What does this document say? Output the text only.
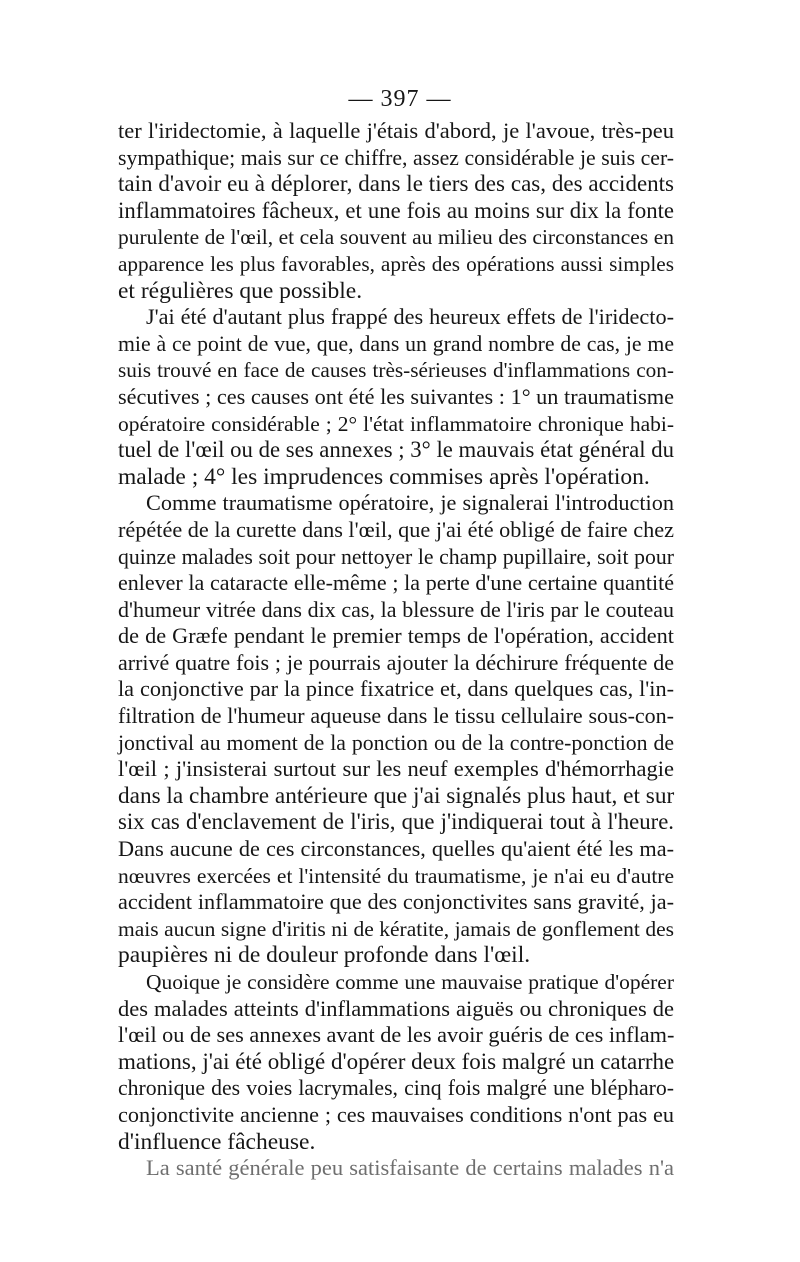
— 397 —
ter l'iridectomie, à laquelle j'étais d'abord, je l'avoue, très-peu
sympathique; mais sur ce chiffre, assez considérable je suis cer-
tain d'avoir eu à déplorer, dans le tiers des cas, des accidents
inflammatoires fâcheux, et une fois au moins sur dix la fonte
purulente de l'œil, et cela souvent au milieu des circonstances en
apparence les plus favorables, après des opérations aussi simples
et régulières que possible.
J'ai été d'autant plus frappé des heureux effets de l'iridecto-
mie à ce point de vue, que, dans un grand nombre de cas, je me
suis trouvé en face de causes très-sérieuses d'inflammations con-
sécutives ; ces causes ont été les suivantes : 1° un traumatisme
opératoire considérable ; 2° l'état inflammatoire chronique habi-
tuel de l'œil ou de ses annexes ; 3° le mauvais état général du
malade ; 4° les imprudences commises après l'opération.
Comme traumatisme opératoire, je signalerai l'introduction
répétée de la curette dans l'œil, que j'ai été obligé de faire chez
quinze malades soit pour nettoyer le champ pupillaire, soit pour
enlever la cataracte elle-même ; la perte d'une certaine quantité
d'humeur vitrée dans dix cas, la blessure de l'iris par le couteau
de de Græfe pendant le premier temps de l'opération, accident
arrivé quatre fois ; je pourrais ajouter la déchirure fréquente de
la conjonctive par la pince fixatrice et, dans quelques cas, l'in-
filtration de l'humeur aqueuse dans le tissu cellulaire sous-con-
jonctival au moment de la ponction ou de la contre-ponction de
l'œil ; j'insisterai surtout sur les neuf exemples d'hémorrhagie
dans la chambre antérieure que j'ai signalés plus haut, et sur
six cas d'enclavement de l'iris, que j'indiquerai tout à l'heure.
Dans aucune de ces circonstances, quelles qu'aient été les ma-
nœuvres exercées et l'intensité du traumatisme, je n'ai eu d'autre
accident inflammatoire que des conjonctivites sans gravité, ja-
mais aucun signe d'iritis ni de kératite, jamais de gonflement des
paupières ni de douleur profonde dans l'œil.
Quoique je considère comme une mauvaise pratique d'opérer
des malades atteints d'inflammations aiguës ou chroniques de
l'œil ou de ses annexes avant de les avoir guéris de ces inflam-
mations, j'ai été obligé d'opérer deux fois malgré un catarrhe
chronique des voies lacrymales, cinq fois malgré une blépharo-
conjonctivite ancienne ; ces mauvaises conditions n'ont pas eu
d'influence fâcheuse.
La santé générale peu satisfaisante de certains malades n'a
